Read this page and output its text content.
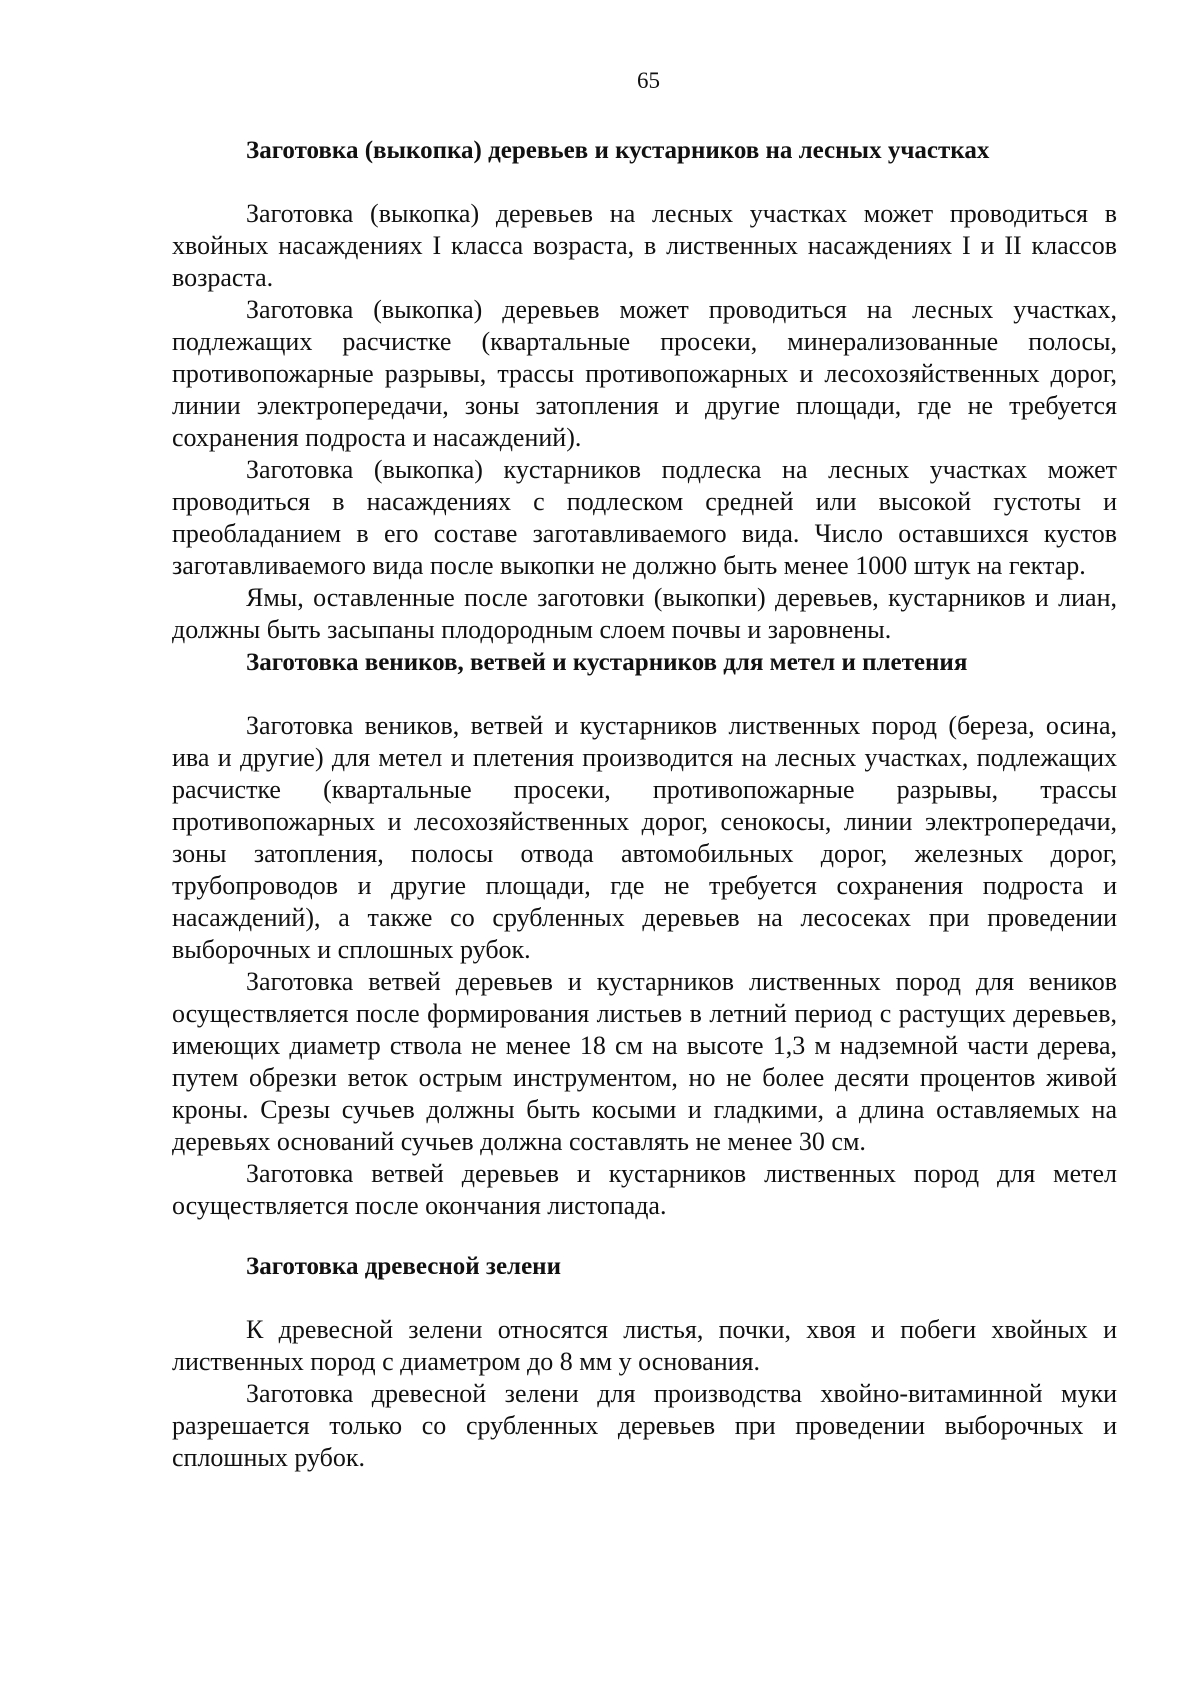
65
Заготовка (выкопка) деревьев и кустарников на лесных участках

Заготовка (выкопка) деревьев на лесных участках может проводиться в хвойных насаждениях I класса возраста, в лиственных насаждениях I и II классов возраста.

Заготовка (выкопка) деревьев может проводиться на лесных участках, подлежащих расчистке (квартальные просеки, минерализованные полосы, противопожарные разрывы, трассы противопожарных и лесохозяйственных дорог, линии электропередачи, зоны затопления и другие площади, где не требуется сохранения подроста и насаждений).

Заготовка (выкопка) кустарников подлеска на лесных участках может проводиться в насаждениях с подлеском средней или высокой густоты и преобладанием в его составе заготавливаемого вида. Число оставшихся кустов заготавливаемого вида после выкопки не должно быть менее 1000 штук на гектар.

Ямы, оставленные после заготовки (выкопки) деревьев, кустарников и лиан, должны быть засыпаны плодородным слоем почвы и заровнены.

Заготовка веников, ветвей и кустарников для метел и плетения

Заготовка веников, ветвей и кустарников лиственных пород (береза, осина, ива и другие) для метел и плетения производится на лесных участках, подлежащих расчистке (квартальные просеки, противопожарные разрывы, трассы противопожарных и лесохозяйственных дорог, сенокосы, линии электропередачи, зоны затопления, полосы отвода автомобильных дорог, железных дорог, трубопроводов и другие площади, где не требуется сохранения подроста и насаждений), а также со срубленных деревьев на лесосеках при проведении выборочных и сплошных рубок.

Заготовка ветвей деревьев и кустарников лиственных пород для веников осуществляется после формирования листьев в летний период с растущих деревьев, имеющих диаметр ствола не менее 18 см на высоте 1,3 м надземной части дерева, путем обрезки веток острым инструментом, но не более десяти процентов живой кроны. Срезы сучьев должны быть косыми и гладкими, а длина оставляемых на деревьях оснований сучьев должна составлять не менее 30 см.

Заготовка ветвей деревьев и кустарников лиственных пород для метел осуществляется после окончания листопада.

Заготовка древесной зелени

К древесной зелени относятся листья, почки, хвоя и побеги хвойных и лиственных пород с диаметром до 8 мм у основания.

Заготовка древесной зелени для производства хвойно-витаминной муки разрешается только со срубленных деревьев при проведении выборочных и сплошных рубок.
